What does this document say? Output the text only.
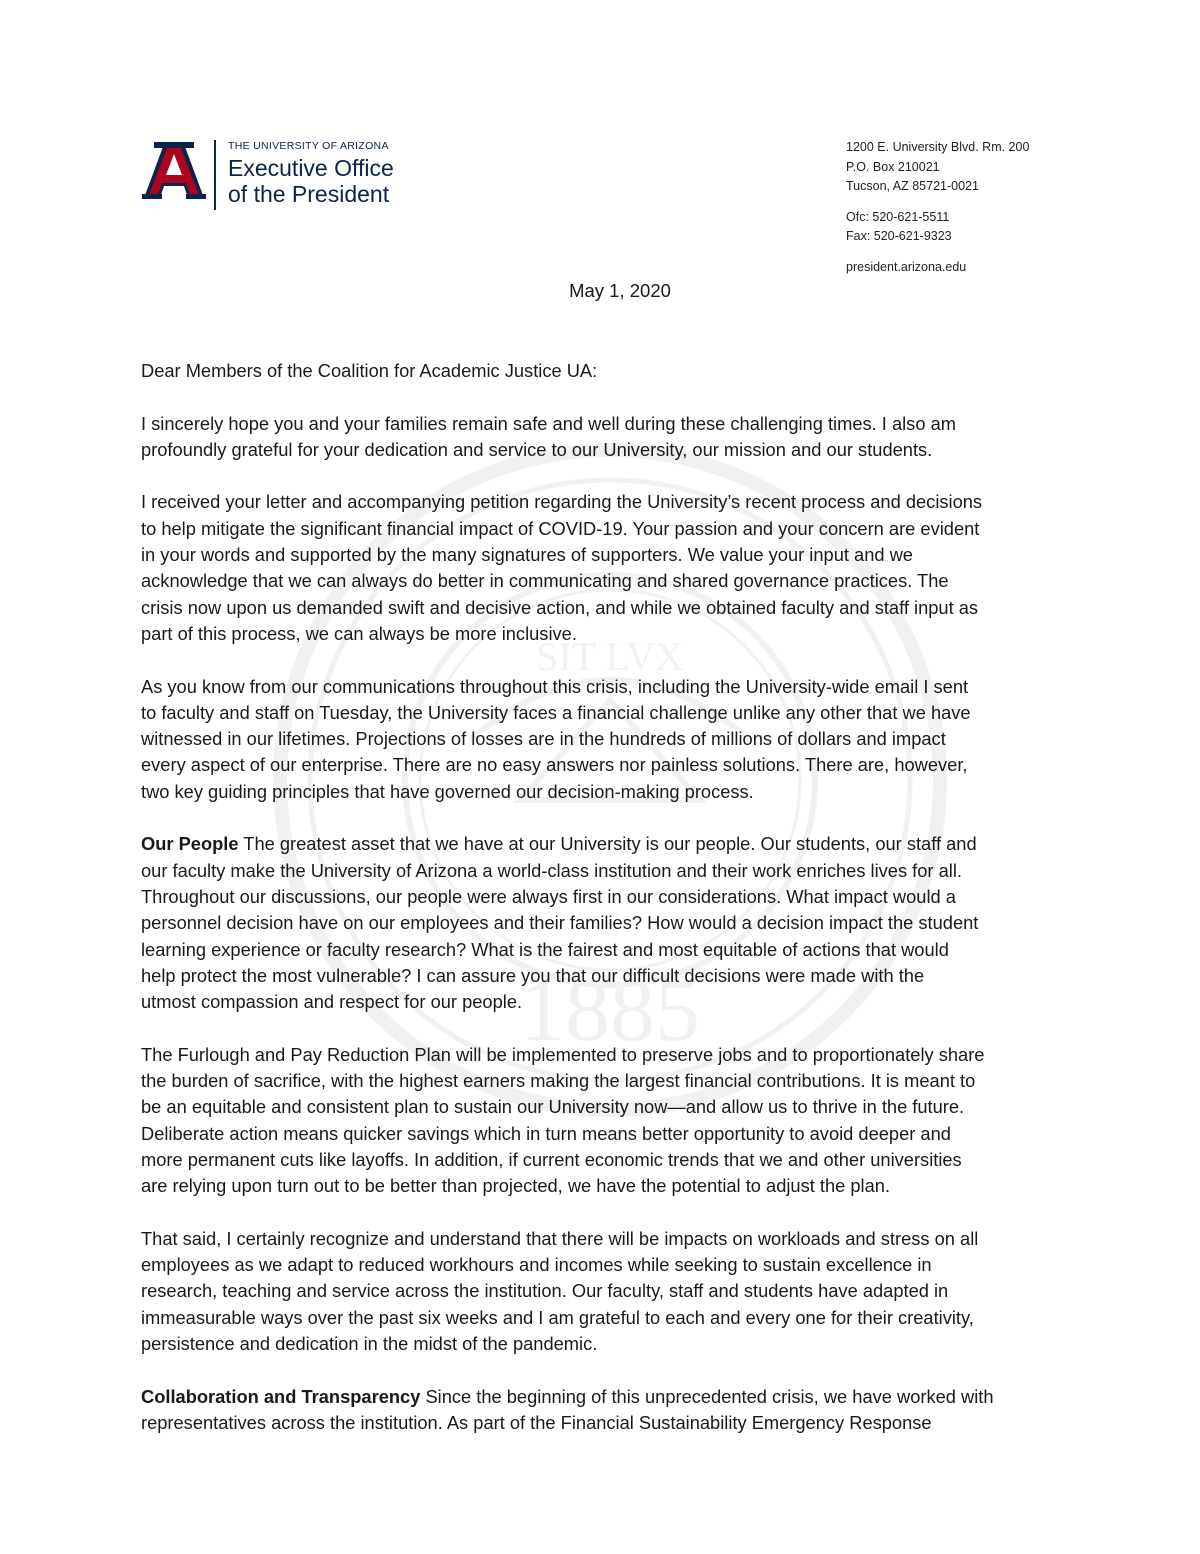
1885
SIT LVX
THE UNIVERSITY OF ARIZONA
Executive Office
of the President
1200 E. University Blvd. Rm. 200
P.O. Box 210021
Tucson, AZ 85721-0021
Ofc: 520-621-5511
Fax: 520-621-9323
president.arizona.edu
May 1, 2020

Dear Members of the Coalition for Academic Justice UA:

I sincerely hope you and your families remain safe and well during these challenging times. I also am
profoundly grateful for your dedication and service to our University, our mission and our students.

I received your letter and accompanying petition regarding the University’s recent process and decisions
to help mitigate the significant financial impact of COVID-19. Your passion and your concern are evident
in your words and supported by the many signatures of supporters. We value your input and we
acknowledge that we can always do better in communicating and shared governance practices. The
crisis now upon us demanded swift and decisive action, and while we obtained faculty and staff input as
part of this process, we can always be more inclusive.

As you know from our communications throughout this crisis, including the University-wide email I sent
to faculty and staff on Tuesday, the University faces a financial challenge unlike any other that we have
witnessed in our lifetimes. Projections of losses are in the hundreds of millions of dollars and impact
every aspect of our enterprise. There are no easy answers nor painless solutions. There are, however,
two key guiding principles that have governed our decision-making process.

Our People The greatest asset that we have at our University is our people. Our students, our staff and
our faculty make the University of Arizona a world-class institution and their work enriches lives for all.
Throughout our discussions, our people were always first in our considerations. What impact would a
personnel decision have on our employees and their families? How would a decision impact the student
learning experience or faculty research? What is the fairest and most equitable of actions that would
help protect the most vulnerable? I can assure you that our difficult decisions were made with the
utmost compassion and respect for our people.

The Furlough and Pay Reduction Plan will be implemented to preserve jobs and to proportionately share
the burden of sacrifice, with the highest earners making the largest financial contributions. It is meant to
be an equitable and consistent plan to sustain our University now—and allow us to thrive in the future.
Deliberate action means quicker savings which in turn means better opportunity to avoid deeper and
more permanent cuts like layoffs. In addition, if current economic trends that we and other universities
are relying upon turn out to be better than projected, we have the potential to adjust the plan.

That said, I certainly recognize and understand that there will be impacts on workloads and stress on all
employees as we adapt to reduced workhours and incomes while seeking to sustain excellence in
research, teaching and service across the institution. Our faculty, staff and students have adapted in
immeasurable ways over the past six weeks and I am grateful to each and every one for their creativity,
persistence and dedication in the midst of the pandemic.

Collaboration and Transparency Since the beginning of this unprecedented crisis, we have worked with
representatives across the institution. As part of the Financial Sustainability Emergency Response
